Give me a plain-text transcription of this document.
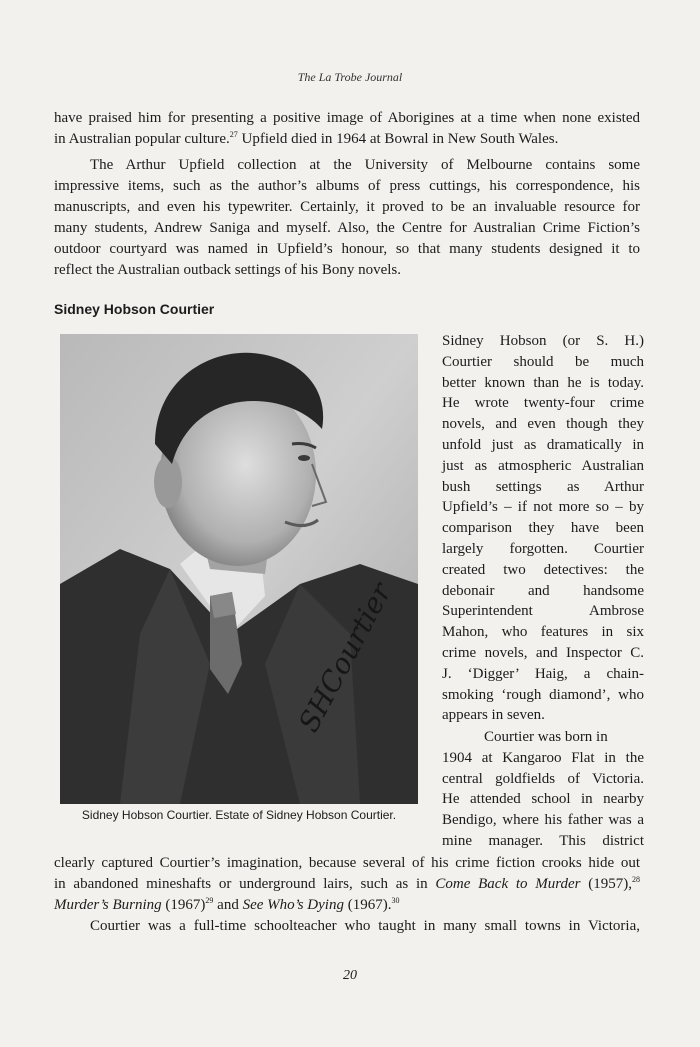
The La Trobe Journal

have praised him for presenting a positive image of Aborigines at a time when none existed
in Australian popular culture.$^{27}$ Upfield died in 1964 at Bowral in New South Wales.

The Arthur Upfield collection at the University of Melbourne contains some
impressive items, such as the author’s albums of press cuttings, his correspondence, his
manuscripts, and even his typewriter. Certainly, it proved to be an invaluable resource for
many students, Andrew Saniga and myself. Also, the Centre for Australian Crime Fiction’s
outdoor courtyard was named in Upfield’s honour, so that many students designed it to
reflect the Australian outback settings of his Bony novels.

Sidney Hobson Courtier
SHCourtier
Sidney Hobson Courtier. Estate of Sidney Hobson Courtier.
Sidney Hobson (or S. H.)
Courtier should be much
better known than he is today.
He wrote twenty-four crime
novels, and even though they
unfold just as dramatically in
just as atmospheric Australian
bush settings as Arthur
Upfield’s – if not more so – by
comparison they have been
largely forgotten. Courtier
created two detectives: the
debonair and handsome
Superintendent Ambrose
Mahon, who features in six
crime novels, and Inspector C.
J. ‘Digger’ Haig, a chain-
smoking ‘rough diamond’, who
appears in seven.
Courtier was born in
1904 at Kangaroo Flat in the
central goldfields of Victoria.
He attended school in nearby
Bendigo, where his father was a
mine manager. This district

clearly captured Courtier’s imagination, because several of his crime fiction crooks hide out
in abandoned mineshafts or underground lairs, such as in Come Back to Murder (1957),$^{28}$
Murder’s Burning $(1967)^{29}$ and See Who’s Dying (1967).$^{30}$

Courtier was a full-time schoolteacher who taught in many small towns in Victoria,

20
